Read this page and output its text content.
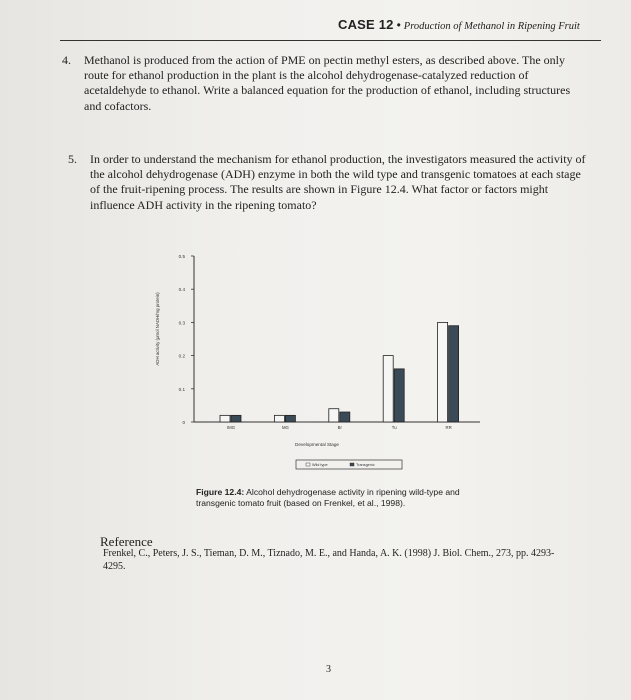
CASE 12 • Production of Methanol in Ripening Fruit
4. Methanol is produced from the action of PME on pectin methyl esters, as described above. The only route for ethanol production in the plant is the alcohol dehydrogenase-catalyzed reduction of acetaldehyde to ethanol. Write a balanced equation for the production of ethanol, including structures and cofactors.
5. In order to understand the mechanism for ethanol production, the investigators measured the activity of the alcohol dehydrogenase (ADH) enzyme in both the wild type and transgenic tomatoes at each stage of the fruit-ripening process. The results are shown in Figure 12.4. What factor or factors might influence ADH activity in the ripening tomato?
0
0.1
0.2
0.3
0.4
0.5
ADH activity (μmol NADH/mg protein)
IMG	MG	Br	Tu	RR
Developmental Stage
Wild type	Transgenic
Figure 12.4: Alcohol dehydrogenase activity in ripening wild-type and transgenic tomato fruit (based on Frenkel, et al., 1998).
Reference
Frenkel, C., Peters, J. S., Tieman, D. M., Tiznado, M. E., and Handa, A. K. (1998) J. Biol. Chem., 273, pp. 4293-4295.
3
